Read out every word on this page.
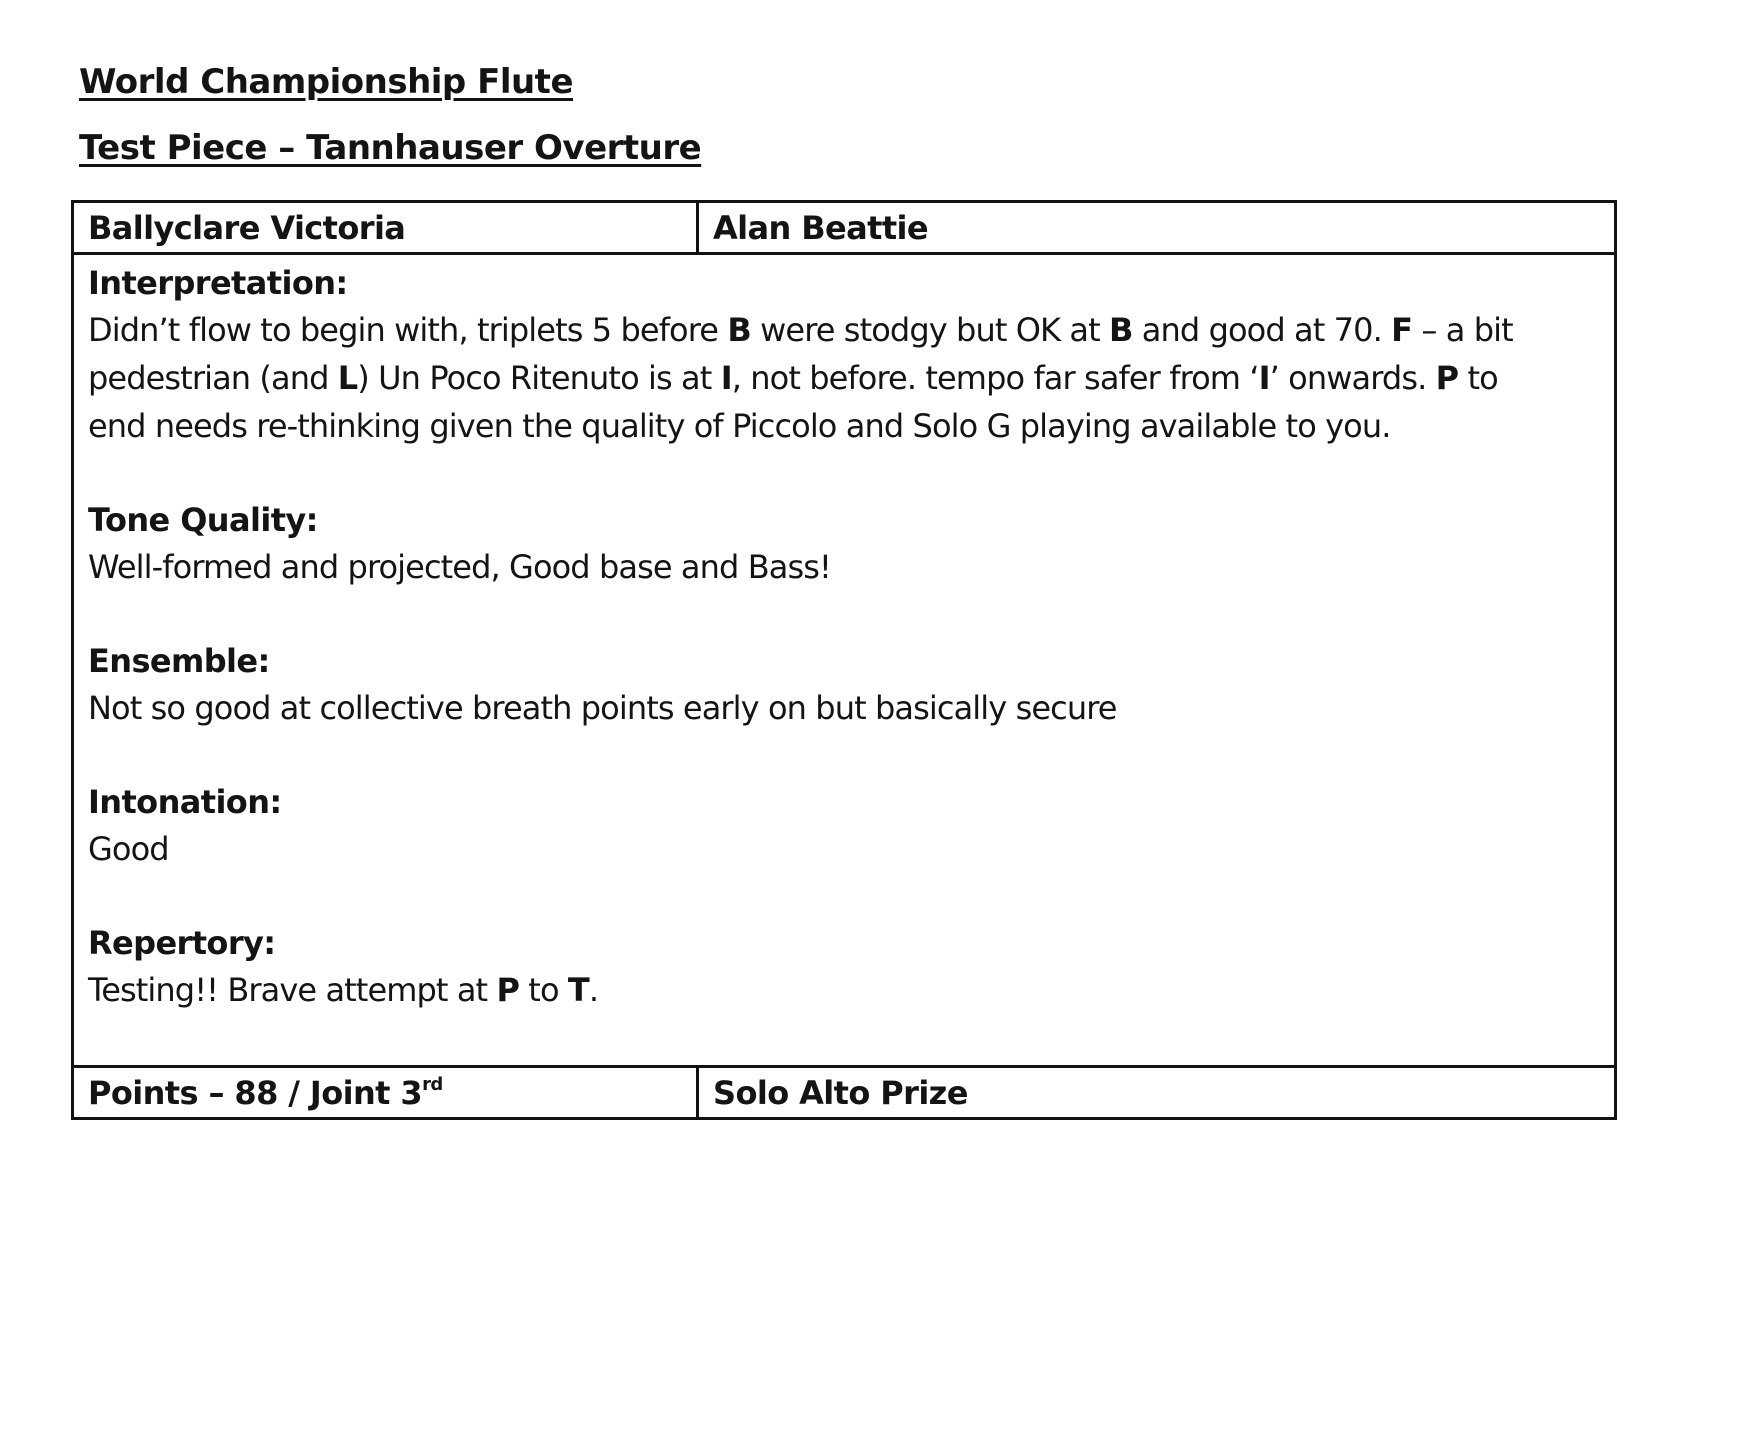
World Championship Flute
Test Piece – Tannhauser Overture
Ballyclare Victoria	Alan Beattie
Interpretation:
Didn’t flow to begin with, triplets 5 before B were stodgy but OK at B and good at 70. F – a bit pedestrian (and L) Un Poco Ritenuto is at I, not before. tempo far safer from ‘I’ onwards. P to end needs re-thinking given the quality of Piccolo and Solo G playing available to you.
Tone Quality:
Well-formed and projected, Good base and Bass!
Ensemble:
Not so good at collective breath points early on but basically secure
Intonation:
Good
Repertory:
Testing!! Brave attempt at P to T.
Points – 88 / Joint 3rd	Solo Alto Prize
